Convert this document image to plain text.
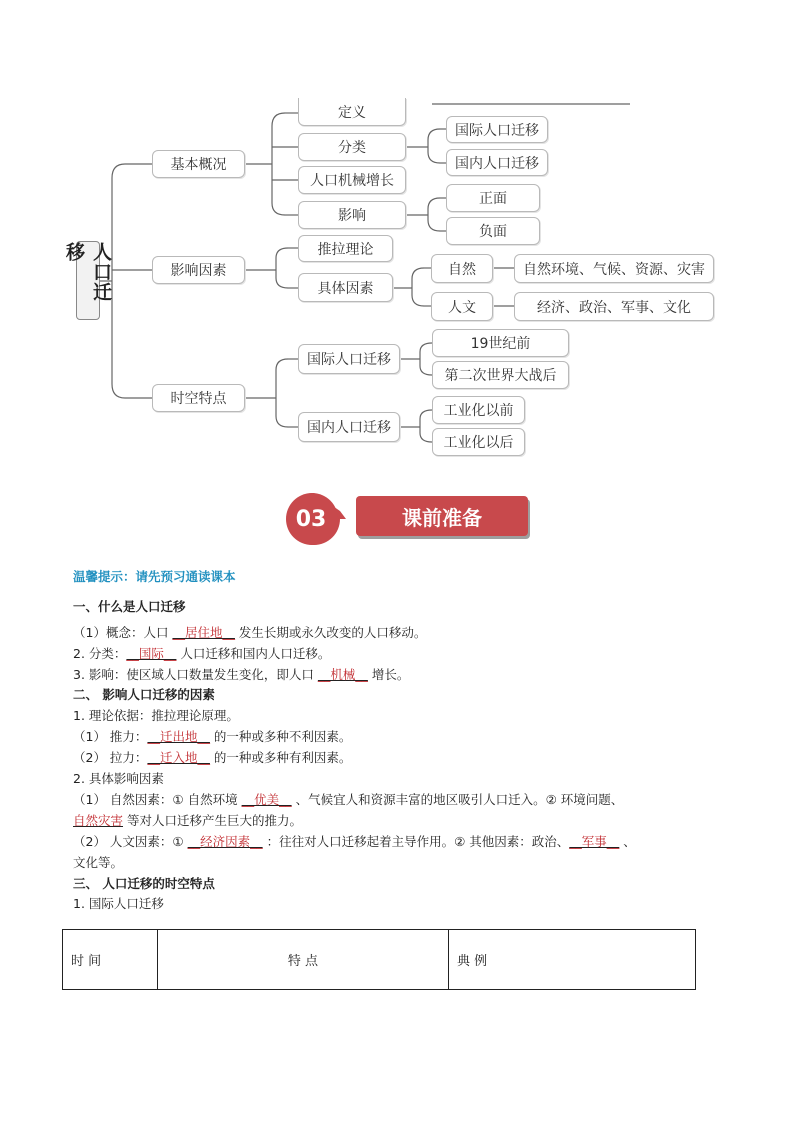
人口迁移
基本概况
影响因素
时空特点
定义
分类
人口机械增长
影响
国际人口迁移
国内人口迁移
正面
负面
推拉理论
具体因素
自然
人文
自然环境、气候、资源、灾害
经济、政治、军事、文化
国际人口迁移
国内人口迁移
19世纪前
第二次世界大战后
工业化以前
工业化以后
03	课前准备
温馨提示：请先预习通读课本
一、什么是人口迁移
（1）概念：人口 __居住地__ 发生长期或永久改变的人口移动。
2. 分类：__国际__ 人口迁移和国内人口迁移。
3. 影响：使区域人口数量发生变化，即人口 __机械__ 增长。
二、 影响人口迁移的因素
1. 理论依据：推拉理论原理。
（1） 推力：__迁出地__ 的一种或多种不利因素。
（2） 拉力：__迁入地__ 的一种或多种有利因素。
2. 具体影响因素
（1） 自然因素：① 自然环境 __优美__ 、气候宜人和资源丰富的地区吸引人口迁入。② 环境问题、
自然灾害 等对人口迁移产生巨大的推力。
（2） 人文因素：① __经济因素__ ：往往对人口迁移起着主导作用。② 其他因素：政治、__军事__ 、
文化等。
三、 人口迁移的时空特点
1. 国际人口迁移
时 间	特 点	典 例
